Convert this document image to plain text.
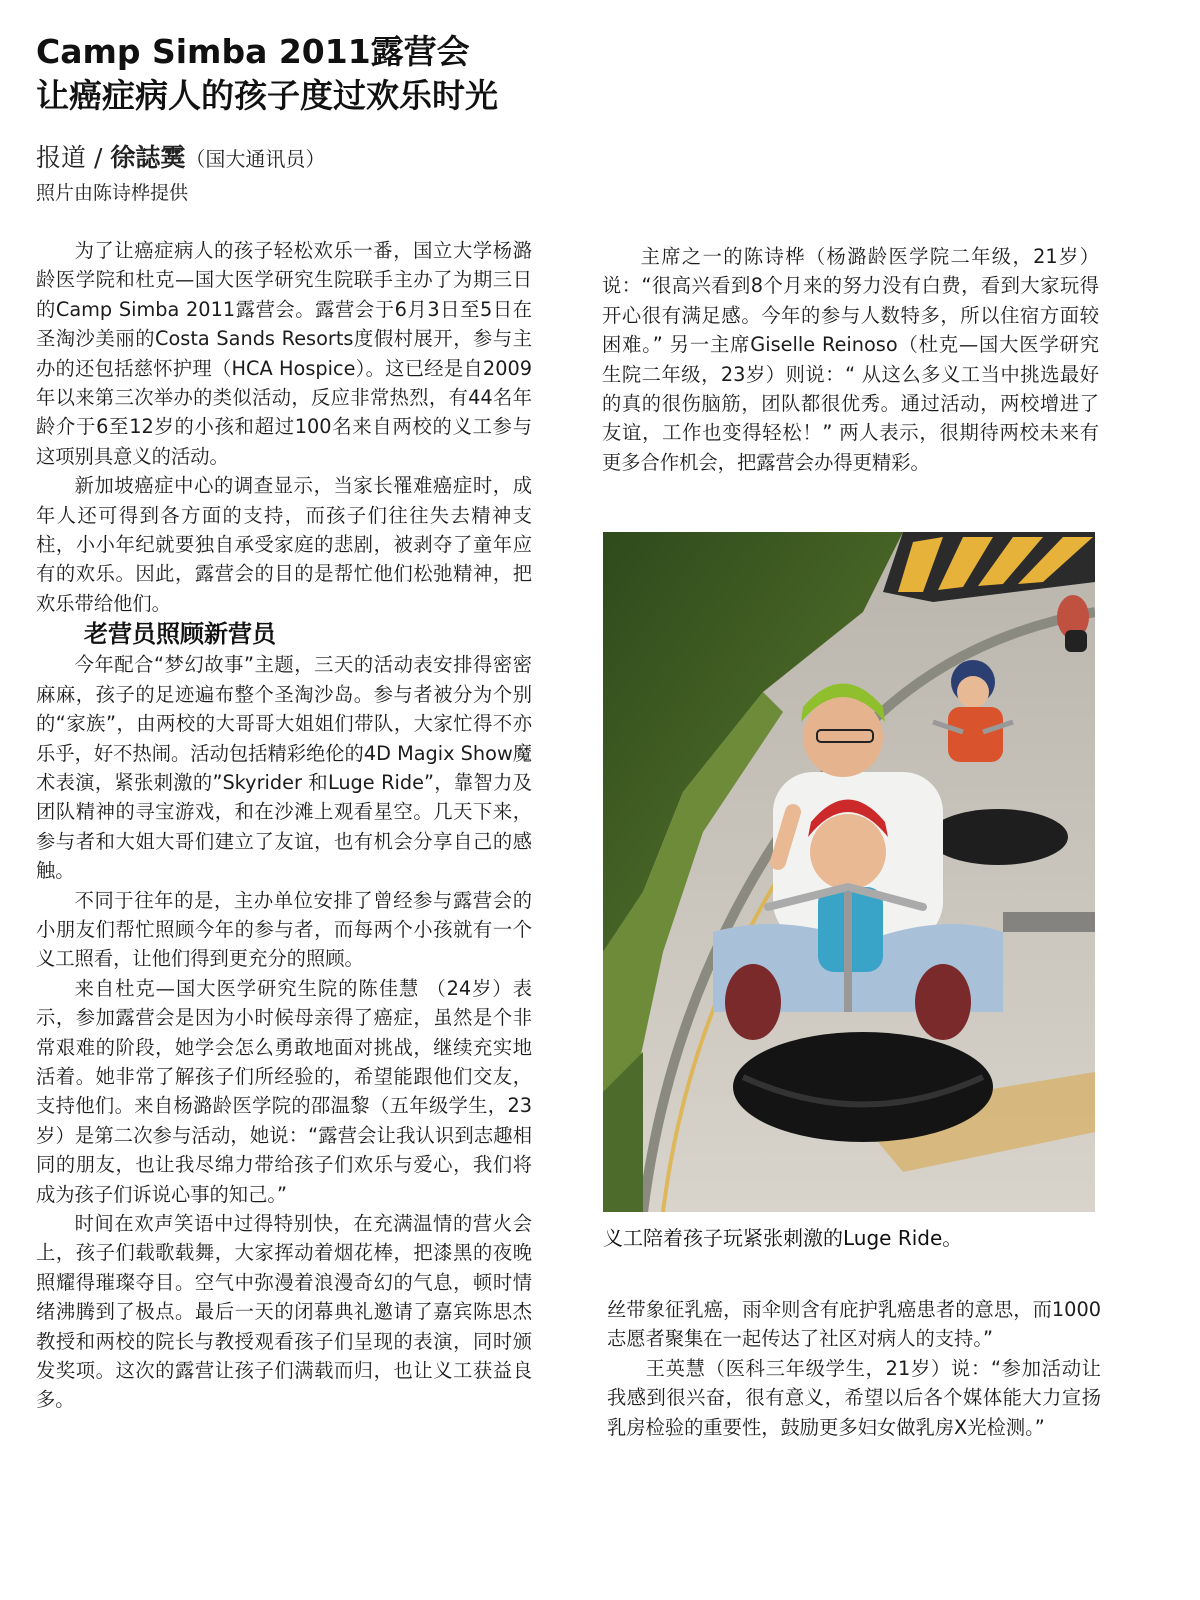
Camp Simba 2011露营会
让癌症病人的孩子度过欢乐时光
报道 / 徐誌霙（国大通讯员）
照片由陈诗桦提供

为了让癌症病人的孩子轻松欢乐一番，国立大学杨潞龄医学院和杜克—国大医学研究生院联手主办了为期三日的Camp Simba 2011露营会。露营会于6月3日至5日在圣淘沙美丽的Costa Sands Resorts度假村展开，参与主办的还包括慈怀护理（HCA Hospice）。这已经是自2009年以来第三次举办的类似活动，反应非常热烈，有44名年龄介于6至12岁的小孩和超过100名来自两校的义工参与这项别具意义的活动。

新加坡癌症中心的调查显示，当家长罹难癌症时，成年人还可得到各方面的支持，而孩子们往往失去精神支柱，小小年纪就要独自承受家庭的悲剧，被剥夺了童年应有的欢乐。因此，露营会的目的是帮忙他们松弛精神，把欢乐带给他们。

老营员照顾新营员

今年配合“梦幻故事”主题，三天的活动表安排得密密麻麻，孩子的足迹遍布整个圣淘沙岛。参与者被分为个别的“家族”，由两校的大哥哥大姐姐们带队，大家忙得不亦乐乎，好不热闹。活动包括精彩绝伦的4D Magix Show魔术表演，紧张刺激的”Skyrider 和Luge Ride”，靠智力及团队精神的寻宝游戏，和在沙滩上观看星空。几天下来，参与者和大姐大哥们建立了友谊，也有机会分享自己的感触。

不同于往年的是，主办单位安排了曾经参与露营会的小朋友们帮忙照顾今年的参与者，而每两个小孩就有一个义工照看，让他们得到更充分的照顾。

来自杜克—国大医学研究生院的陈佳慧 （24岁）表示，参加露营会是因为小时候母亲得了癌症，虽然是个非常艰难的阶段，她学会怎么勇敢地面对挑战，继续充实地活着。她非常了解孩子们所经验的，希望能跟他们交友，支持他们。来自杨潞龄医学院的邵温黎（五年级学生，23 岁）是第二次参与活动，她说：“露营会让我认识到志趣相同的朋友，也让我尽绵力带给孩子们欢乐与爱心，我们将成为孩子们诉说心事的知己。”

时间在欢声笑语中过得特别快，在充满温情的营火会上，孩子们载歌载舞，大家挥动着烟花棒，把漆黑的夜晚照耀得璀璨夺目。空气中弥漫着浪漫奇幻的气息，顿时情绪沸腾到了极点。最后一天的闭幕典礼邀请了嘉宾陈思杰教授和两校的院长与教授观看孩子们呈现的表演，同时颁发奖项。这次的露营让孩子们满载而归，也让义工获益良多。

主席之一的陈诗桦（杨潞龄医学院二年级，21岁）说：“很高兴看到8个月来的努力没有白费，看到大家玩得开心很有满足感。今年的参与人数特多，所以住宿方面较困难。” 另一主席Giselle Reinoso（杜克—国大医学研究生院二年级，23岁）则说：“ 从这么多义工当中挑选最好的真的很伤脑筋，团队都很优秀。通过活动，两校增进了友谊，工作也变得轻松！” 两人表示，很期待两校未来有更多合作机会，把露营会办得更精彩。

义工陪着孩子玩紧张刺激的Luge Ride。

丝带象征乳癌，雨伞则含有庇护乳癌患者的意思，而1000志愿者聚集在一起传达了社区对病人的支持。”

王英慧（医科三年级学生，21岁）说：“参加活动让我感到很兴奋，很有意义，希望以后各个媒体能大力宣扬乳房检验的重要性，鼓励更多妇女做乳房X光检测。”
